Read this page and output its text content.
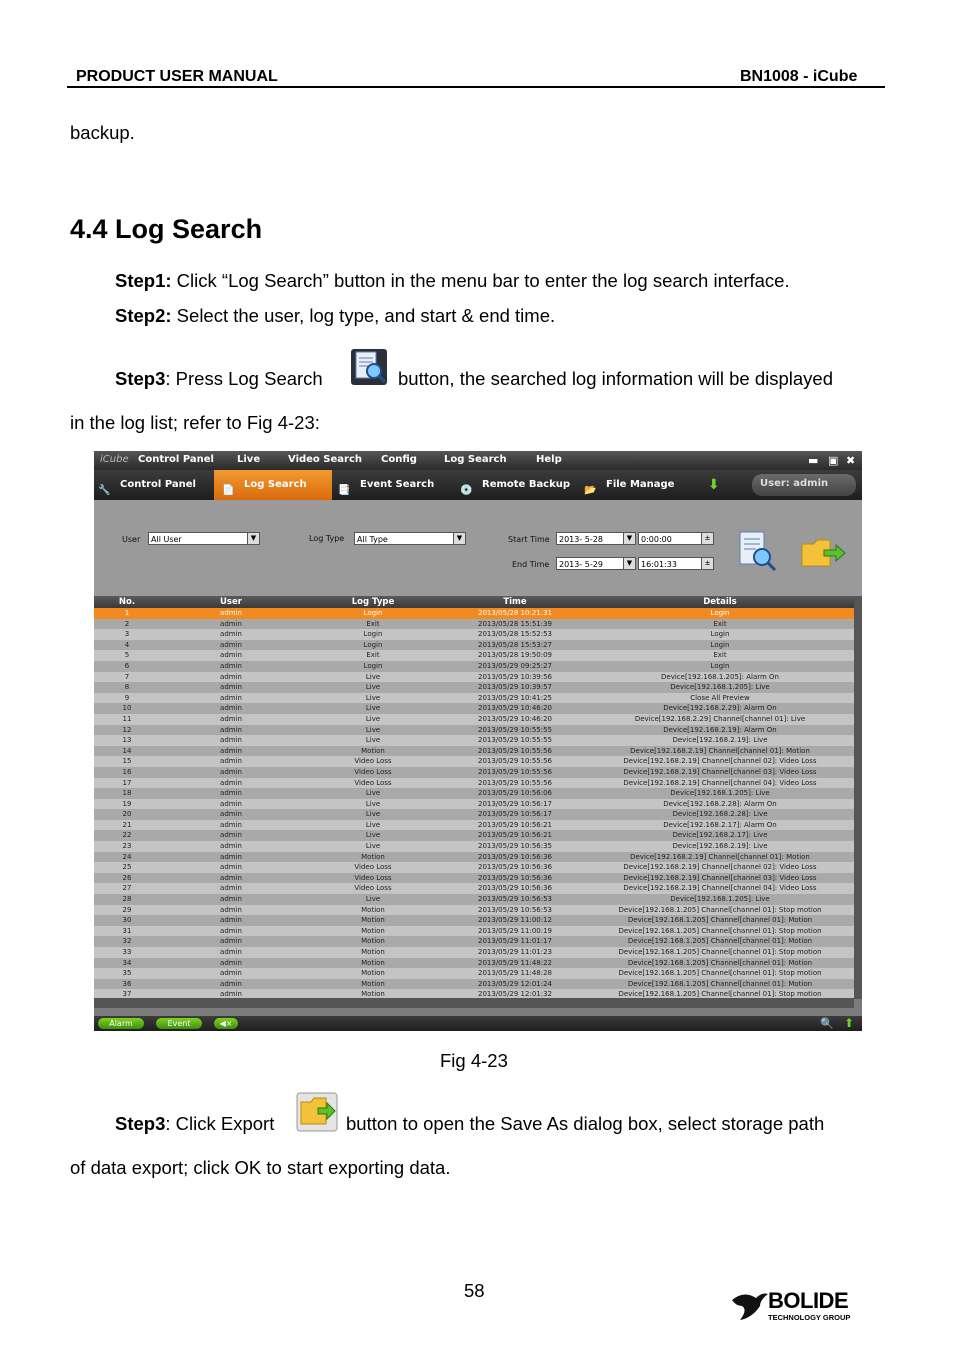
PRODUCT USER MANUAL	BN1008 - iCube
backup.
4.4 Log Search
Step1: Click “Log Search” button in the menu bar to enter the log search interface.
Step2: Select the user, log type, and start & end time.
Step3: Press Log Search	button, the searched log information will be displayed
in the log list; refer to Fig 4-23:
iCube Control Panel Live	Video Search Config	Log Search	Help	▬ ▣ ✖
🔧Control Panel
📄Log Search
📑Event Search
💿Remote Backup
📂File Manage	⬇	User: admin
User	All User	▼	Log Type	All Type	▼	Start Time	2013- 5-28	▼	0:00:00	±
End Time	2013- 5-29	▼	16:01:33	±
No.	User	Log Type	Time	Details
1	admin	Login	2013/05/28 10:21:31	Login
2	admin	Exit	2013/05/28 15:51:39	Exit
3	admin	Login	2013/05/28 15:52:53	Login
4	admin	Login	2013/05/28 15:53:27	Login
5	admin	Exit	2013/05/28 19:50:09	Exit
6	admin	Login	2013/05/29 09:25:27	Login
7	admin	Live	2013/05/29 10:39:56	Device[192.168.1.205]: Alarm On
8	admin	Live	2013/05/29 10:39:57	Device[192.168.1.205]: Live
9	admin	Live	2013/05/29 10:41:25	Close All Preview
10	admin	Live	2013/05/29 10:46:20	Device[192.168.2.29]: Alarm On
11	admin	Live	2013/05/29 10:46:20	Device[192.168.2.29] Channel[channel 01]: Live
12	admin	Live	2013/05/29 10:55:55	Device[192.168.2.19]: Alarm On
13	admin	Live	2013/05/29 10:55:55	Device[192.168.2.19]: Live
14	admin	Motion	2013/05/29 10:55:56	Device[192.168.2.19] Channel[channel 01]: Motion
15	admin	Video Loss	2013/05/29 10:55:56	Device[192.168.2.19] Channel[channel 02]: Video Loss
16	admin	Video Loss	2013/05/29 10:55:56	Device[192.168.2.19] Channel[channel 03]: Video Loss
17	admin	Video Loss	2013/05/29 10:55:56	Device[192.168.2.19] Channel[channel 04]: Video Loss
18	admin	Live	2013/05/29 10:56:06	Device[192.168.1.205]: Live
19	admin	Live	2013/05/29 10:56:17	Device[192.168.2.28]: Alarm On
20	admin	Live	2013/05/29 10:56:17	Device[192.168.2.28]: Live
21	admin	Live	2013/05/29 10:56:21	Device[192.168.2.17]: Alarm On
22	admin	Live	2013/05/29 10:56:21	Device[192.168.2.17]: Live
23	admin	Live	2013/05/29 10:56:35	Device[192.168.2.19]: Live
24	admin	Motion	2013/05/29 10:56:36	Device[192.168.2.19] Channel[channel 01]: Motion
25	admin	Video Loss	2013/05/29 10:56:36	Device[192.168.2.19] Channel[channel 02]: Video Loss
26	admin	Video Loss	2013/05/29 10:56:36	Device[192.168.2.19] Channel[channel 03]: Video Loss
27	admin	Video Loss	2013/05/29 10:56:36	Device[192.168.2.19] Channel[channel 04]: Video Loss
28	admin	Live	2013/05/29 10:56:53	Device[192.168.1.205]: Live
29	admin	Motion	2013/05/29 10:56:53	Device[192.168.1.205] Channel[channel 01]: Stop motion
30	admin	Motion	2013/05/29 11:00:12	Device[192.168.1.205] Channel[channel 01]: Motion
31	admin	Motion	2013/05/29 11:00:19	Device[192.168.1.205] Channel[channel 01]: Stop motion
32	admin	Motion	2013/05/29 11:01:17	Device[192.168.1.205] Channel[channel 01]: Motion
33	admin	Motion	2013/05/29 11:01:23	Device[192.168.1.205] Channel[channel 01]: Stop motion
34	admin	Motion	2013/05/29 11:48:22	Device[192.168.1.205] Channel[channel 01]: Motion
35	admin	Motion	2013/05/29 11:48:28	Device[192.168.1.205] Channel[channel 01]: Stop motion
36	admin	Motion	2013/05/29 12:01:24	Device[192.168.1.205] Channel[channel 01]: Motion
37	admin	Motion	2013/05/29 12:01:32	Device[192.168.1.205] Channel[channel 01]: Stop motion
Alarm	Event	◀×	🔍 ⬆
Fig 4-23
Step3: Click Export	button to open the Save As dialog box, select storage path
of data export; click OK to start exporting data.
58	BOLIDE
TECHNOLOGY GROUP
